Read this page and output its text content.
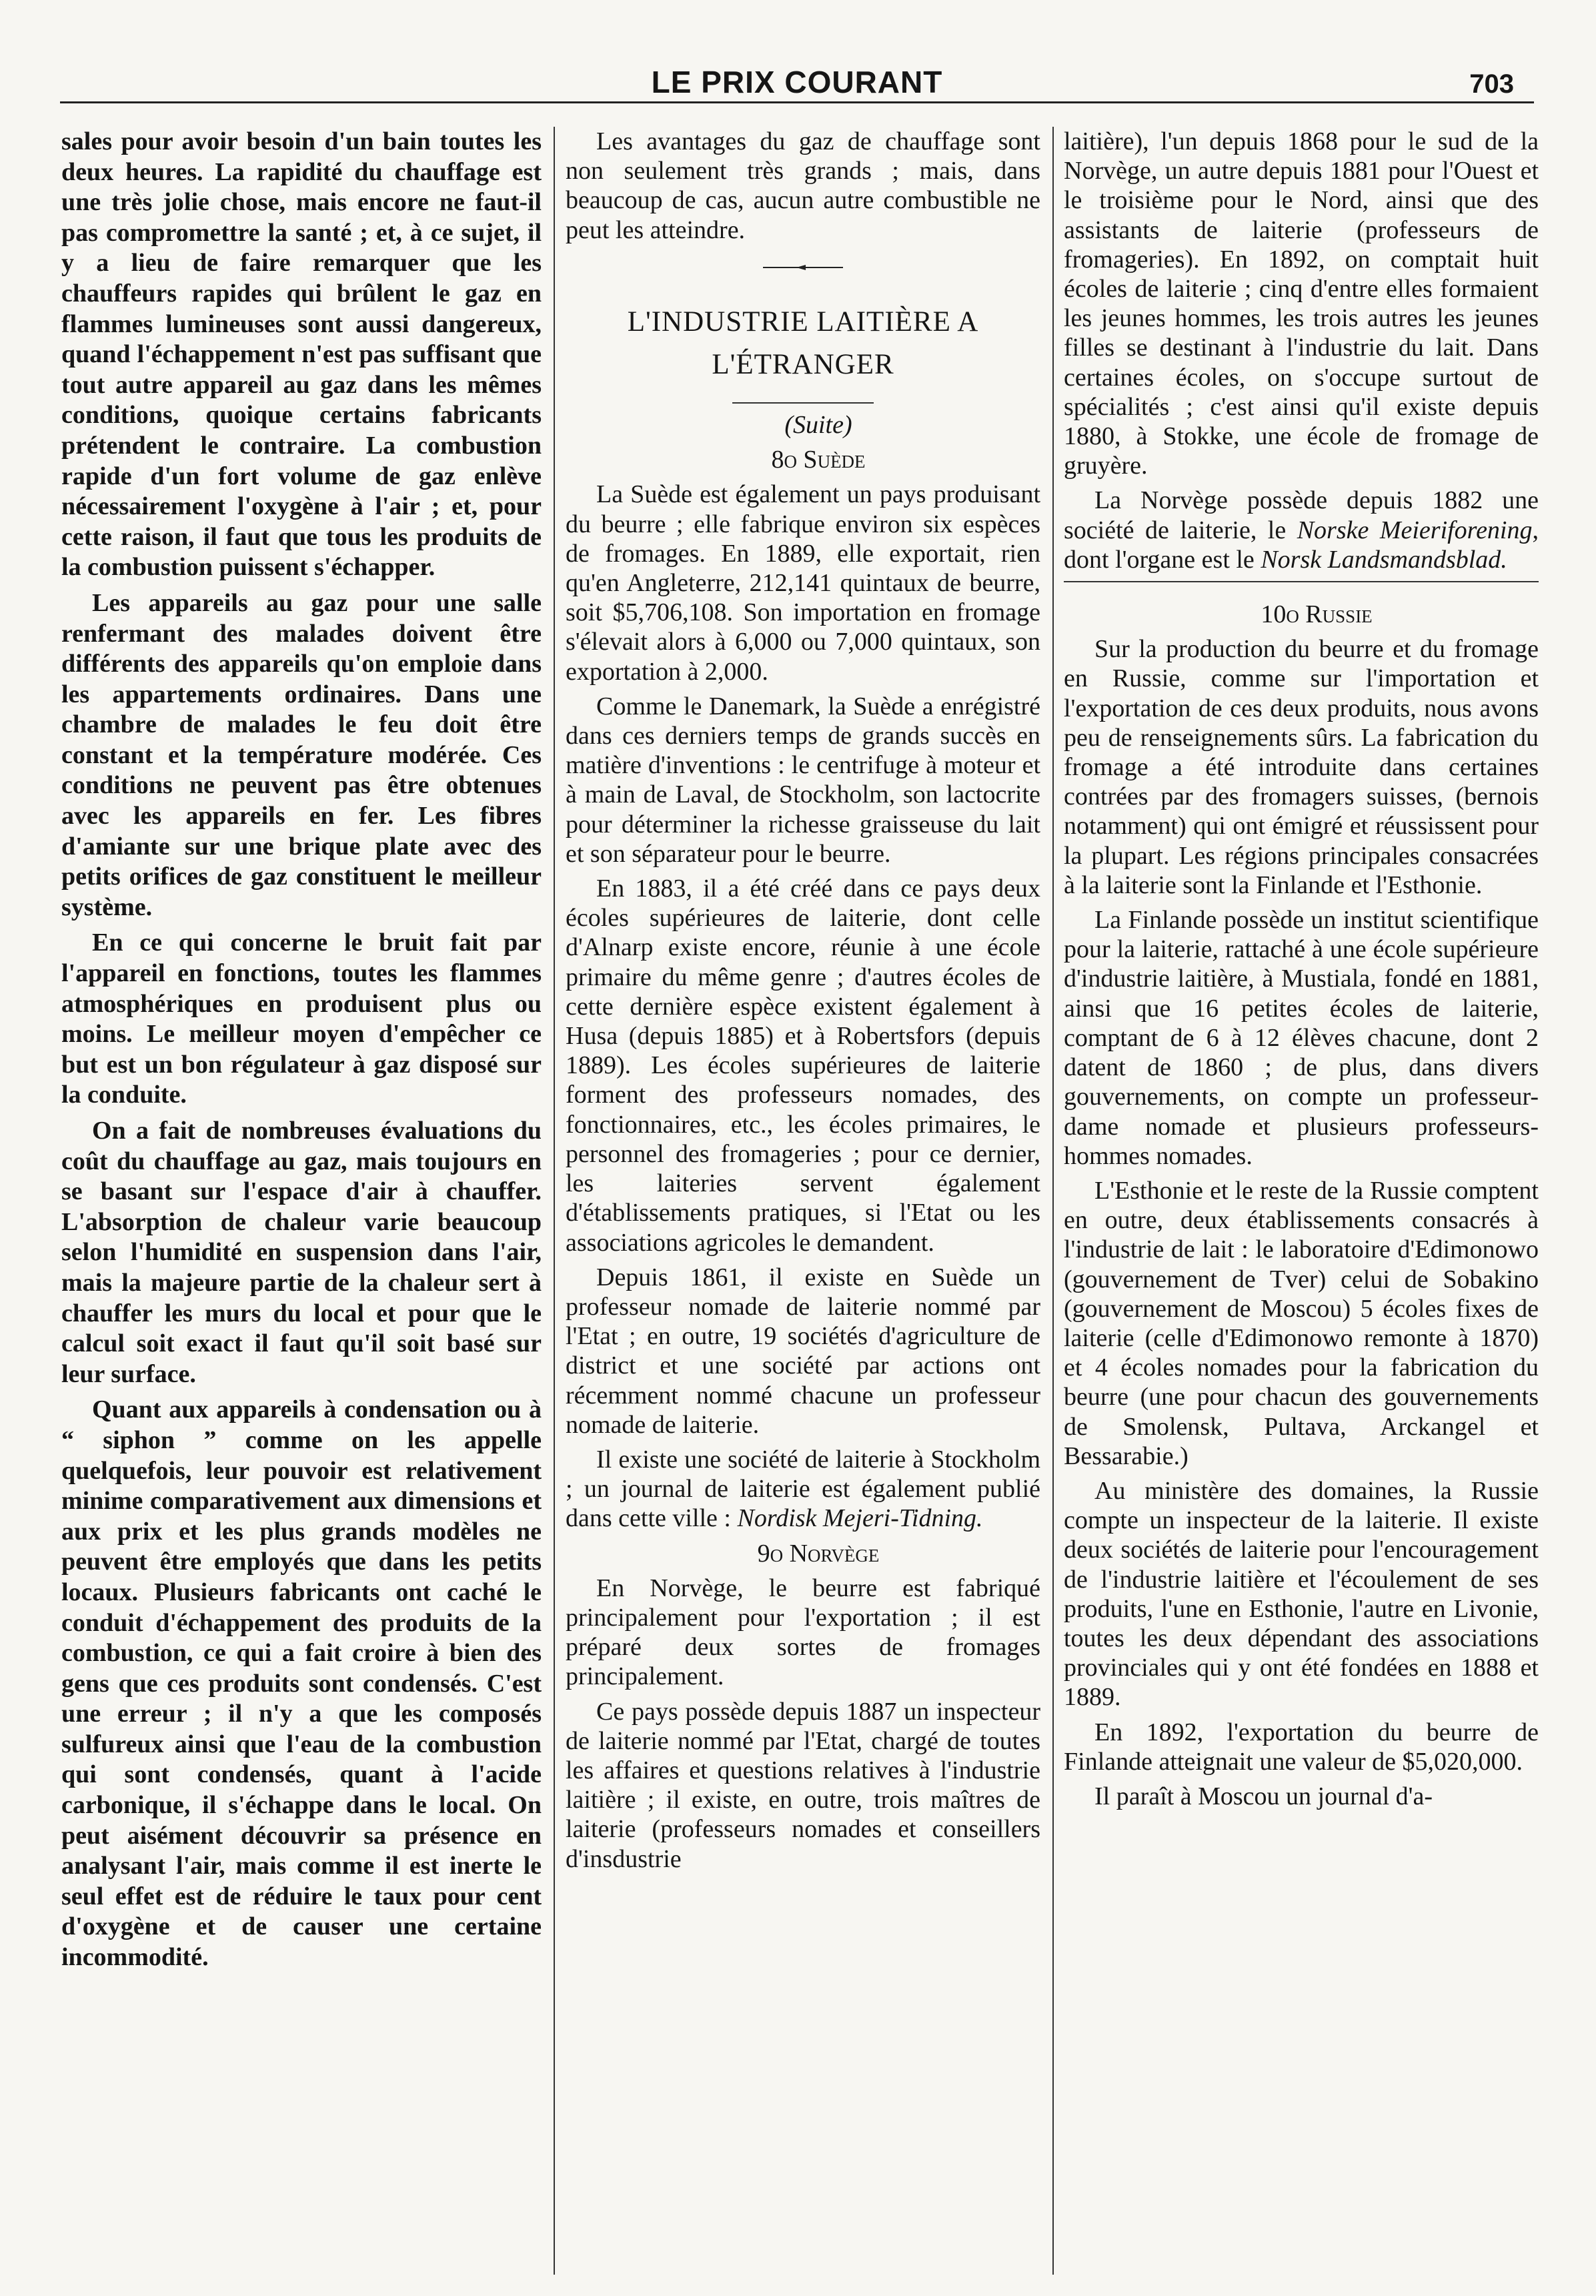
LE PRIX COURANT	703

sales pour avoir besoin d'un bain toutes les deux heures. La rapidité du chauffage est une très jolie chose, mais encore ne faut-il pas compromettre la santé ; et, à ce sujet, il y a lieu de faire remarquer que les chauffeurs rapides qui brûlent le gaz en flammes lumineuses sont aussi dangereux, quand l'échappement n'est pas suffisant que tout autre appareil au gaz dans les mêmes conditions, quoique certains fabricants prétendent le contraire. La combustion rapide d'un fort volume de gaz enlève nécessairement l'oxygène à l'air ; et, pour cette raison, il faut que tous les produits de la combustion puissent s'échapper.

Les appareils au gaz pour une salle renfermant des malades doivent être différents des appareils qu'on emploie dans les appartements ordinaires. Dans une chambre de malades le feu doit être constant et la température modérée. Ces conditions ne peuvent pas être obtenues avec les appareils en fer. Les fibres d'amiante sur une brique plate avec des petits orifices de gaz constituent le meilleur système.

En ce qui concerne le bruit fait par l'appareil en fonctions, toutes les flammes atmosphériques en produisent plus ou moins. Le meilleur moyen d'empêcher ce but est un bon régulateur à gaz disposé sur la conduite.

On a fait de nombreuses évaluations du coût du chauffage au gaz, mais toujours en se basant sur l'espace d'air à chauffer. L'absorption de chaleur varie beaucoup selon l'humidité en suspension dans l'air, mais la majeure partie de la chaleur sert à chauffer les murs du local et pour que le calcul soit exact il faut qu'il soit basé sur leur surface.

Quant aux appareils à condensation ou à “ siphon ” comme on les appelle quelquefois, leur pouvoir est relativement minime comparativement aux dimensions et aux prix et les plus grands modèles ne peuvent être employés que dans les petits locaux. Plusieurs fabricants ont caché le conduit d'échappement des produits de la combustion, ce qui a fait croire à bien des gens que ces produits sont condensés. C'est une erreur ; il n'y a que les composés sulfureux ainsi que l'eau de la combustion qui sont condensés, quant à l'acide carbonique, il s'échappe dans le local. On peut aisément découvrir sa présence en analysant l'air, mais comme il est inerte le seul effet est de réduire le taux pour cent d'oxygène et de causer une certaine incommodité.

Les avantages du gaz de chauffage sont non seulement très grands ; mais, dans beaucoup de cas, aucun autre combustible ne peut les atteindre.

L'INDUSTRIE LAITIÈRE A
L'ÉTRANGER

(Suite)

8o Suède

La Suède est également un pays produisant du beurre ; elle fabrique environ six espèces de fromages. En 1889, elle exportait, rien qu'en Angleterre, 212,141 quintaux de beurre, soit $5,706,108. Son importation en fromage s'élevait alors à 6,000 ou 7,000 quintaux, son exportation à 2,000.

Comme le Danemark, la Suède a enrégistré dans ces derniers temps de grands succès en matière d'inventions : le centrifuge à moteur et à main de Laval, de Stockholm, son lactocrite pour déterminer la richesse graisseuse du lait et son séparateur pour le beurre.

En 1883, il a été créé dans ce pays deux écoles supérieures de laiterie, dont celle d'Alnarp existe encore, réunie à une école primaire du même genre ; d'autres écoles de cette dernière espèce existent également à Husa (depuis 1885) et à Robertsfors (depuis 1889). Les écoles supérieures de laiterie forment des professeurs nomades, des fonctionnaires, etc., les écoles primaires, le personnel des fromageries ; pour ce dernier, les laiteries servent également d'établissements pratiques, si l'Etat ou les associations agricoles le demandent.

Depuis 1861, il existe en Suède un professeur nomade de laiterie nommé par l'Etat ; en outre, 19 sociétés d'agriculture de district et une société par actions ont récemment nommé chacune un professeur nomade de laiterie.

Il existe une société de laiterie à Stockholm ; un journal de laiterie est également publié dans cette ville : Nordisk Mejeri-Tidning.

9o Norvège

En Norvège, le beurre est fabriqué principalement pour l'exportation ; il est préparé deux sortes de fromages principalement.

Ce pays possède depuis 1887 un inspecteur de laiterie nommé par l'Etat, chargé de toutes les affaires et questions relatives à l'industrie laitière ; il existe, en outre, trois maîtres de laiterie (professeurs nomades et conseillers d'insdustrie

laitière), l'un depuis 1868 pour le sud de la Norvège, un autre depuis 1881 pour l'Ouest et le troisième pour le Nord, ainsi que des assistants de laiterie (professeurs de fromageries). En 1892, on comptait huit écoles de laiterie ; cinq d'entre elles formaient les jeunes hommes, les trois autres les jeunes filles se destinant à l'industrie du lait. Dans certaines écoles, on s'occupe surtout de spécialités ; c'est ainsi qu'il existe depuis 1880, à Stokke, une école de fromage de gruyère.

La Norvège possède depuis 1882 une société de laiterie, le Norske Meieriforening, dont l'organe est le Norsk Landsmandsblad.

10o Russie

Sur la production du beurre et du fromage en Russie, comme sur l'importation et l'exportation de ces deux produits, nous avons peu de renseignements sûrs. La fabrication du fromage a été introduite dans certaines contrées par des fromagers suisses, (bernois notamment) qui ont émigré et réussissent pour la plupart. Les régions principales consacrées à la laiterie sont la Finlande et l'Esthonie.

La Finlande possède un institut scientifique pour la laiterie, rattaché à une école supérieure d'industrie laitière, à Mustiala, fondé en 1881, ainsi que 16 petites écoles de laiterie, comptant de 6 à 12 élèves chacune, dont 2 datent de 1860 ; de plus, dans divers gouvernements, on compte un professeur-dame nomade et plusieurs professeurs-hommes nomades.

L'Esthonie et le reste de la Russie comptent en outre, deux établissements consacrés à l'industrie de lait : le laboratoire d'Edimonowo (gouvernement de Tver) celui de Sobakino (gouvernement de Moscou) 5 écoles fixes de laiterie (celle d'Edimonowo remonte à 1870) et 4 écoles nomades pour la fabrication du beurre (une pour chacun des gouvernements de Smolensk, Pultava, Arckangel et Bessarabie.)

Au ministère des domaines, la Russie compte un inspecteur de la laiterie. Il existe deux sociétés de laiterie pour l'encouragement de l'industrie laitière et l'écoulement de ses produits, l'une en Esthonie, l'autre en Livonie, toutes les deux dépendant des associations provinciales qui y ont été fondées en 1888 et 1889.

En 1892, l'exportation du beurre de Finlande atteignait une valeur de $5,020,000.

Il paraît à Moscou un journal d'a-
